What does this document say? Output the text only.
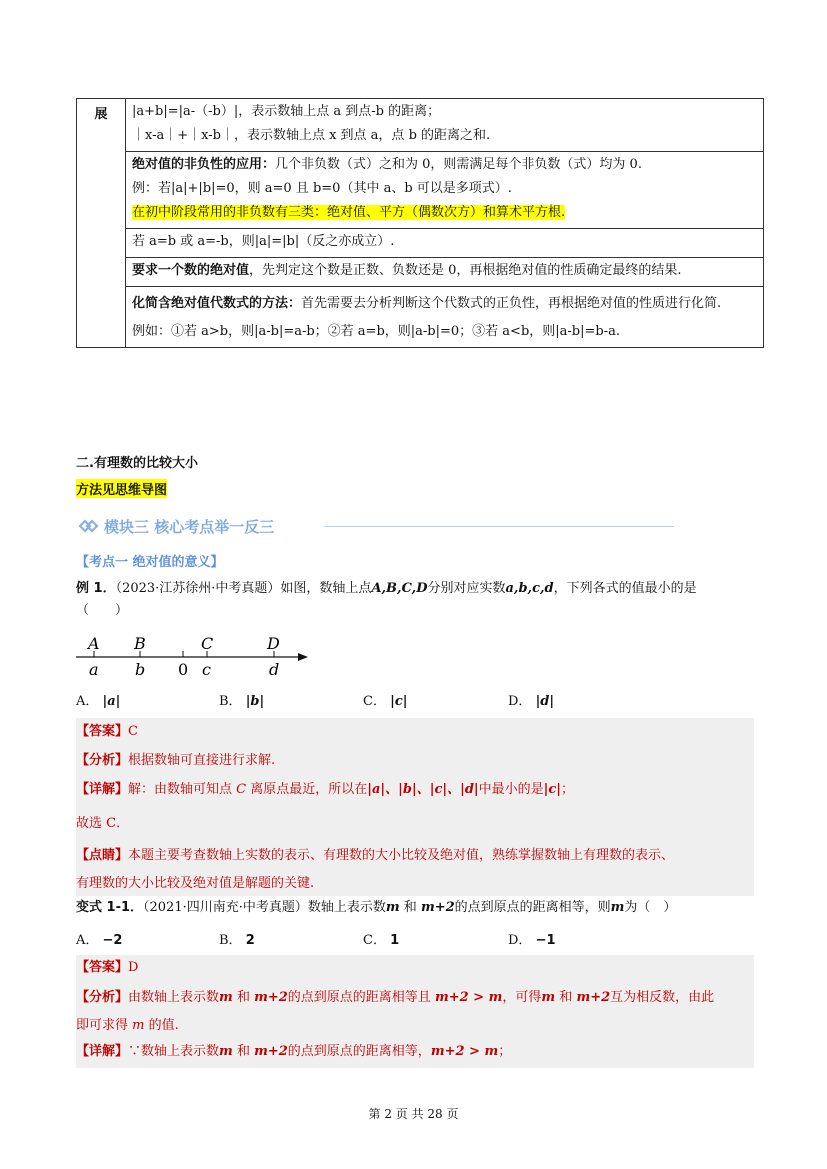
展	|a+b|=|a-（-b）|，表示数轴上点 a 到点-b 的距离；
｜x-a｜+｜x-b｜，表示数轴上点 x 到点 a，点 b 的距离之和.

绝对值的非负性的应用：几个非负数（式）之和为 0，则需满足每个非负数（式）均为 0.
例：若|a|+|b|=0，则 a=0 且 b=0（其中 a、b 可以是多项式）.
在初中阶段常用的非负数有三类：绝对值、平方（偶数次方）和算术平方根.

若 a=b 或 a=-b，则|a|=|b|（反之亦成立）.

要求一个数的绝对值，先判定这个数是正数、负数还是 0，再根据绝对值的性质确定最终的结果.

化简含绝对值代数式的方法：首先需要去分析判断这个代数式的正负性，再根据绝对值的性质进行化简.
例如：①若 a>b，则|a-b|=a-b；②若 a=b，则|a-b|=0；③若 a<b，则|a-b|=b-a.
二.有理数的比较大小
方法见思维导图
模块三 核心考点举一反三
【考点一 绝对值的意义】
例 1．（2023·江苏徐州·中考真题）如图，数轴上点A,B,C,D分别对应实数a,b,c,d，下列各式的值最小的是
（　　）
A B	C	D
a b 0 c	d
A． |a|	B． |b|	C． |c|	D． |d|
【答案】C
【分析】根据数轴可直接进行求解.
【详解】解：由数轴可知点 C 离原点最近，所以在|a|、|b|、|c|、|d|中最小的是|c|；
故选 C．
【点睛】本题主要考查数轴上实数的表示、有理数的大小比较及绝对值，熟练掌握数轴上有理数的表示、
有理数的大小比较及绝对值是解题的关键.
变式 1-1．（2021·四川南充·中考真题）数轴上表示数m 和 m+2的点到原点的距离相等，则m为（　）
A． −2	B． 2	C． 1	D． −1
【答案】D
【分析】由数轴上表示数m 和 m+2的点到原点的距离相等且 m+2 > m，可得m 和 m+2互为相反数，由此
即可求得 m 的值.
【详解】∵数轴上表示数m 和 m+2的点到原点的距离相等，m+2 > m；
第 2 页 共 28 页
